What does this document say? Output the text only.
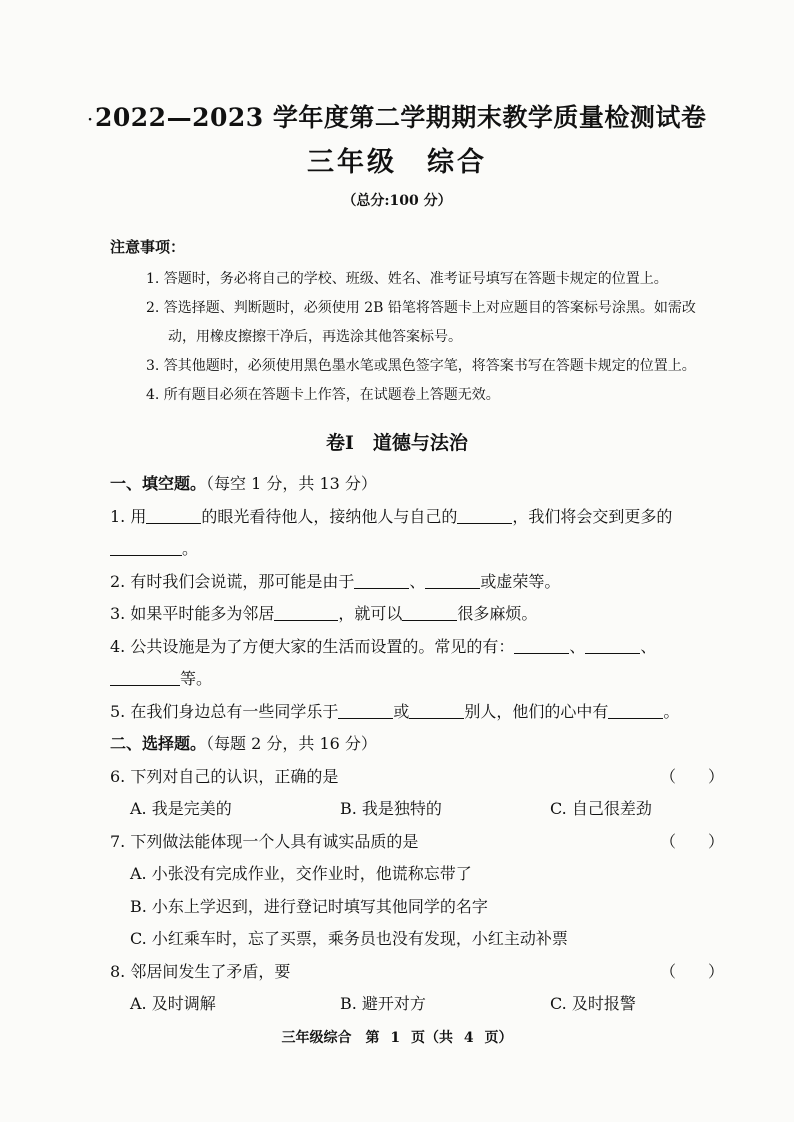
·2022—2023 学年度第二学期期末教学质量检测试卷
三年级　综合
（总分:100 分）
注意事项：
1. 答题时，务必将自己的学校、班级、姓名、准考证号填写在答题卡规定的位置上。
2. 答选择题、判断题时，必须使用 2B 铅笔将答题卡上对应题目的答案标号涂黑。如需改
动，用橡皮擦擦干净后，再选涂其他答案标号。
3. 答其他题时，必须使用黑色墨水笔或黑色签字笔，将答案书写在答题卡规定的位置上。
4. 所有题目必须在答题卡上作答，在试题卷上答题无效。
卷Ⅰ　道德与法治
一、填空题。（每空 1 分，共 13 分）
1. 用	的眼光看待他人，接纳他人与自己的	，我们将会交到更多的
。
2. 有时我们会说谎，那可能是由于	、	或虚荣等。
3. 如果平时能多为邻居	，就可以	很多麻烦。
4. 公共设施是为了方便大家的生活而设置的。常见的有：	、	、
等。
5. 在我们身边总有一些同学乐于	或	别人，他们的心中有	。
二、选择题。（每题 2 分，共 16 分）
6. 下列对自己的认识，正确的是	（　　）
A. 我是完美的	B. 我是独特的	C. 自己很差劲
7. 下列做法能体现一个人具有诚实品质的是	（　　）
A. 小张没有完成作业，交作业时，他谎称忘带了
B. 小东上学迟到，进行登记时填写其他同学的名字
C. 小红乘车时，忘了买票，乘务员也没有发现，小红主动补票
8. 邻居间发生了矛盾，要	（　　）
A. 及时调解	B. 避开对方	C. 及时报警
三年级综合　第 1 页（共 4 页）
